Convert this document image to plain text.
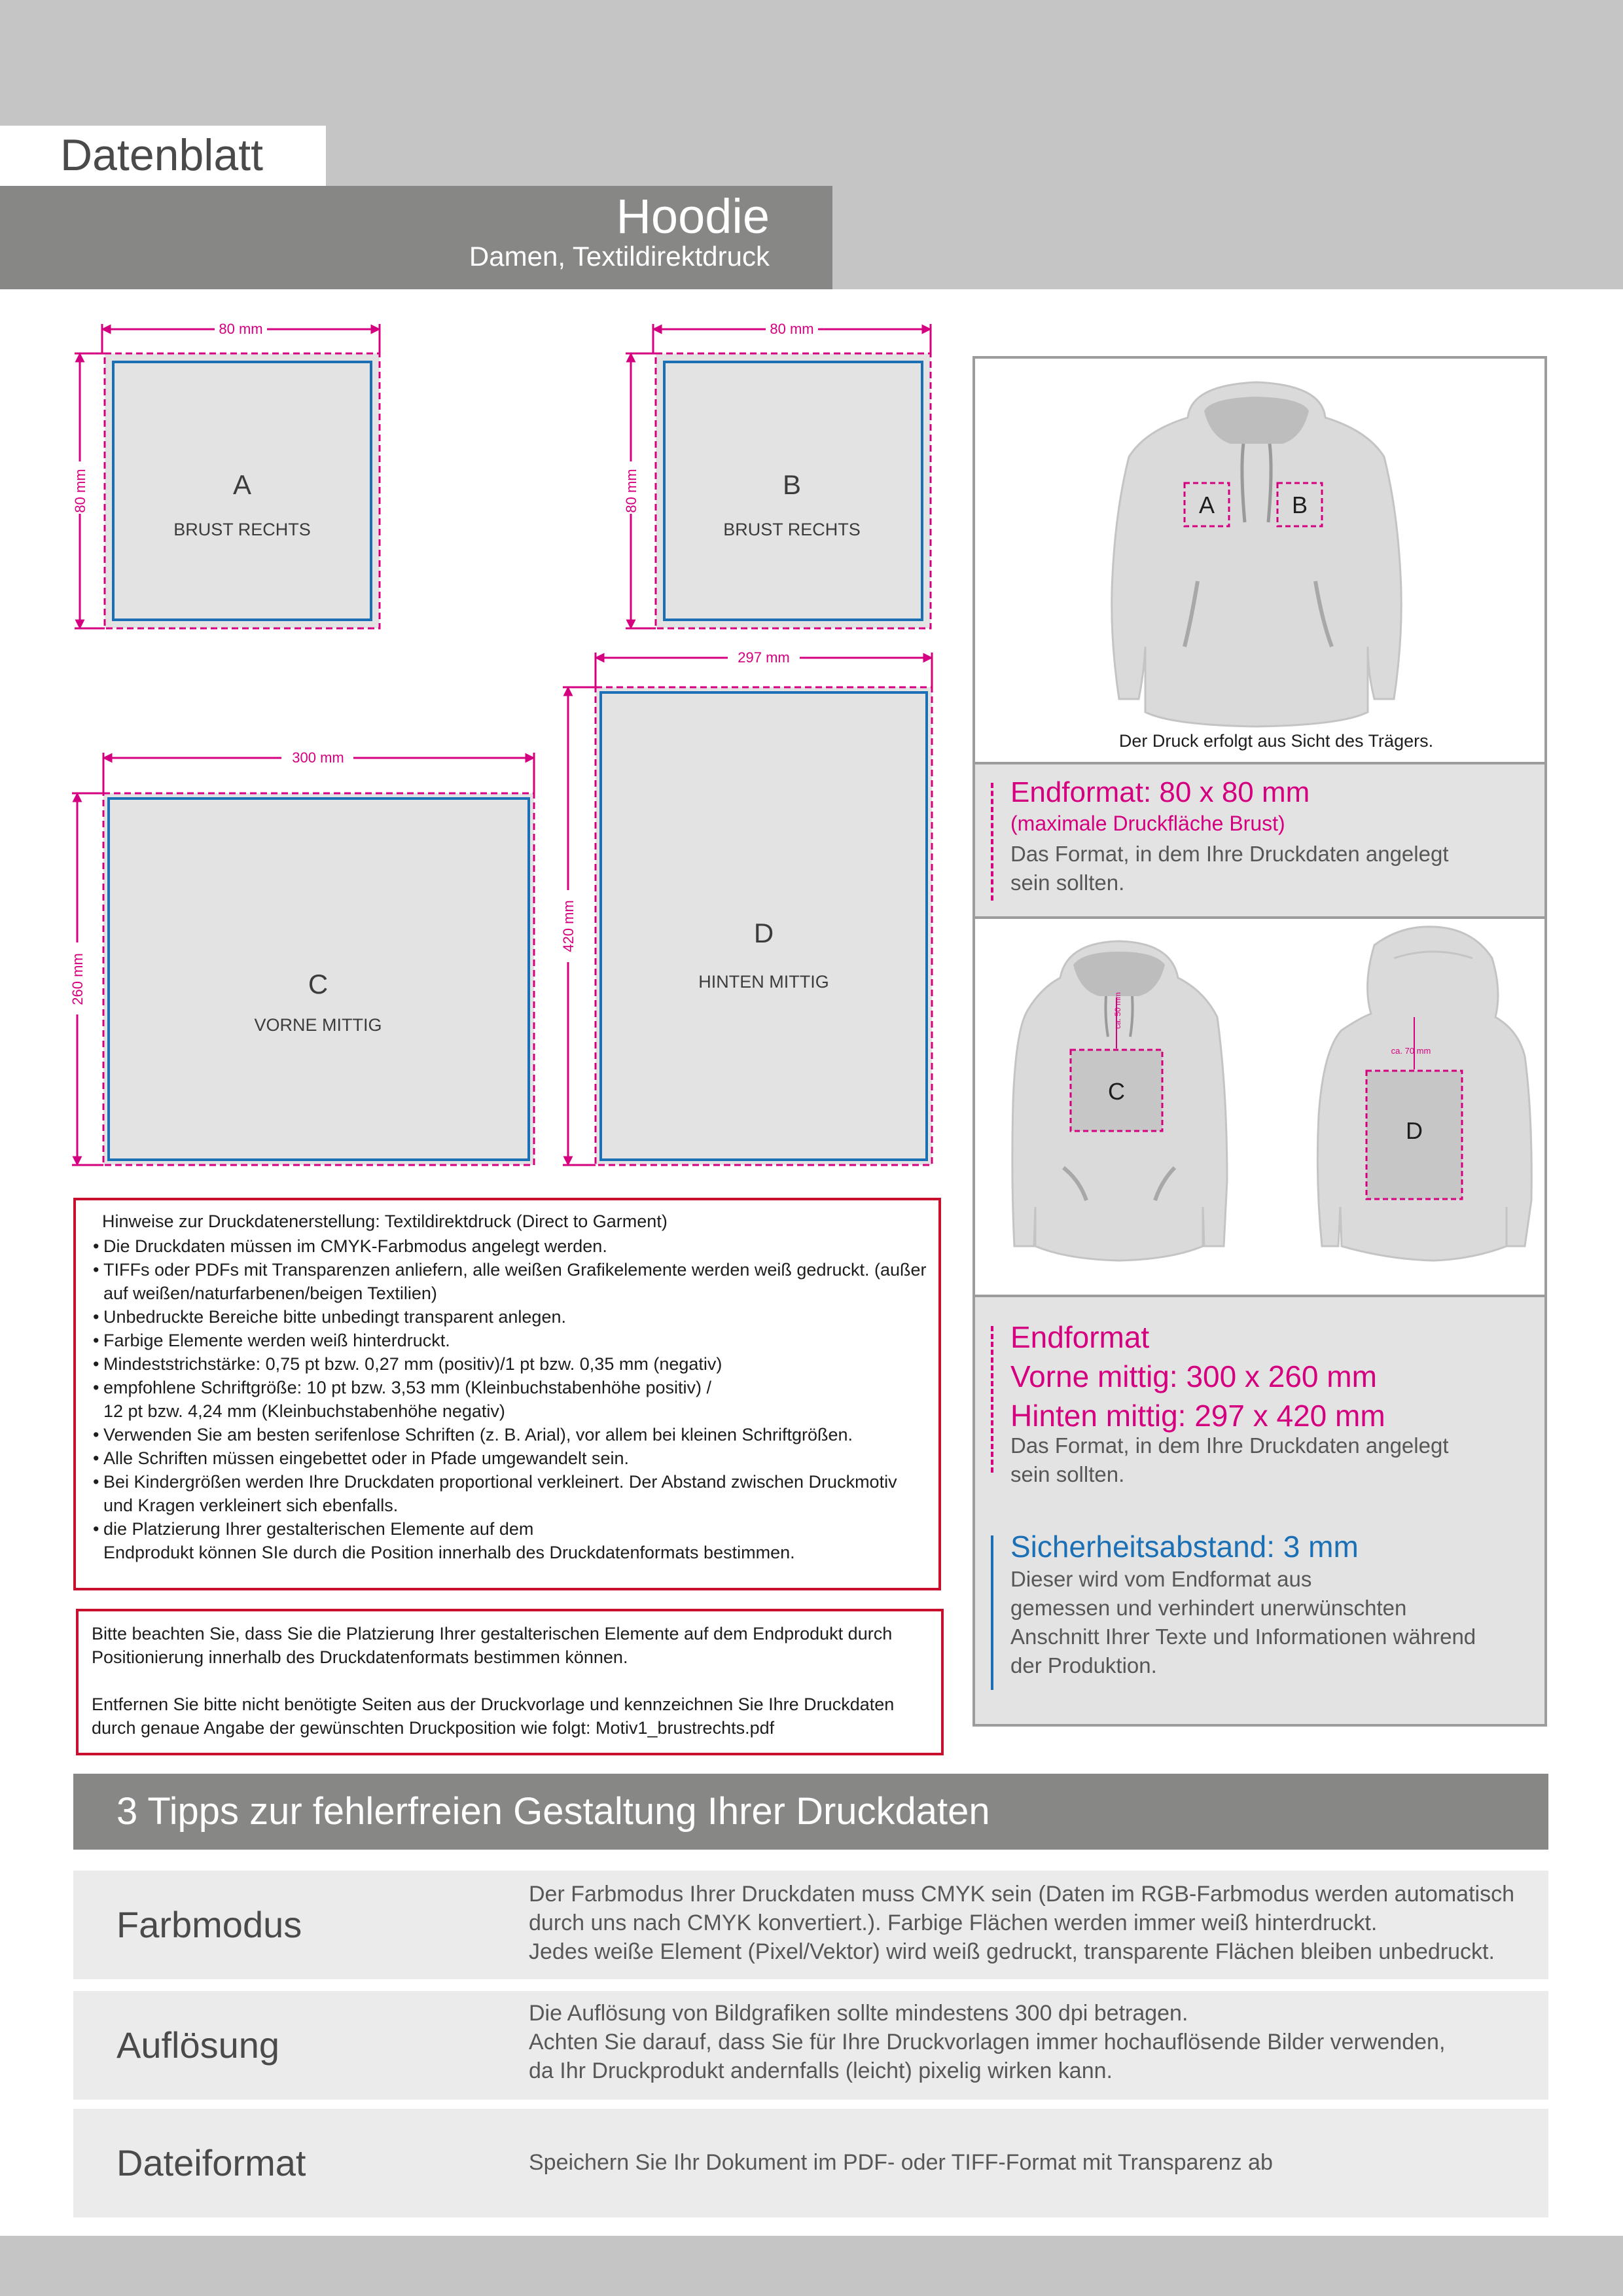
Datenblatt
Hoodie
Damen, Textildirektdruck
80 mm
80 mm	A
BRUST RECHTS
80 mm
80 mm	B
BRUST RECHTS
300 mm
260 mm	C
VORNE MITTIG
297 mm
420 mm	D
HINTEN MITTIG
A	B
Der Druck erfolgt aus Sicht des Trägers.
Endformat: 80 x 80 mm
(maximale Druckfläche Brust)
Das Format, in dem Ihre Druckdaten angelegt
sein sollten.
ca. 50 mm
C
ca. 70 mm
D
Endformat
Vorne mittig: 300 x 260 mm
Hinten mittig: 297 x 420 mm
Das Format, in dem Ihre Druckdaten angelegt
sein sollten.
Sicherheitsabstand: 3 mm
Dieser wird vom Endformat aus
gemessen und verhindert unerwünschten
Anschnitt Ihrer Texte und Informationen während
der Produktion.
Hinweise zur Druckdatenerstellung: Textildirektdruck (Direct to Garment)
• Die Druckdaten müssen im CMYK-Farbmodus angelegt werden.
• TIFFs oder PDFs mit Transparenzen anliefern, alle weißen Grafikelemente werden weiß gedruckt. (außer
auf weißen/naturfarbenen/beigen Textilien)
• Unbedruckte Bereiche bitte unbedingt transparent anlegen.
• Farbige Elemente werden weiß hinterdruckt.
• Mindeststrichstärke: 0,75 pt bzw. 0,27 mm (positiv)/1 pt bzw. 0,35 mm (negativ)
• empfohlene Schriftgröße: 10 pt bzw. 3,53 mm (Kleinbuchstabenhöhe positiv) /
12 pt bzw. 4,24 mm (Kleinbuchstabenhöhe negativ)
• Verwenden Sie am besten serifenlose Schriften (z. B. Arial), vor allem bei kleinen Schriftgrößen.
• Alle Schriften müssen eingebettet oder in Pfade umgewandelt sein.
• Bei Kindergrößen werden Ihre Druckdaten proportional verkleinert. Der Abstand zwischen Druckmotiv
und Kragen verkleinert sich ebenfalls.
• die Platzierung Ihrer gestalterischen Elemente auf dem
Endprodukt können SIe durch die Position innerhalb des Druckdatenformats bestimmen.
Bitte beachten Sie, dass Sie die Platzierung Ihrer gestalterischen Elemente auf dem Endprodukt durch
Positionierung innerhalb des Druckdatenformats bestimmen können.
Entfernen Sie bitte nicht benötigte Seiten aus der Druckvorlage und kennzeichnen Sie Ihre Druckdaten
durch genaue Angabe der gewünschten Druckposition wie folgt: Motiv1_brustrechts.pdf
3 Tipps zur fehlerfreien Gestaltung Ihrer Druckdaten
Farbmodus
Der Farbmodus Ihrer Druckdaten muss CMYK sein (Daten im RGB-Farbmodus werden automatisch
durch uns nach CMYK konvertiert.). Farbige Flächen werden immer weiß hinterdruckt.
Jedes weiße Element (Pixel/Vektor) wird weiß gedruckt, transparente Flächen bleiben unbedruckt.
Auflösung
Die Auflösung von Bildgrafiken sollte mindestens 300 dpi betragen.
Achten Sie darauf, dass Sie für Ihre Druckvorlagen immer hochauflösende Bilder verwenden,
da Ihr Druckprodukt andernfalls (leicht) pixelig wirken kann.
Dateiformat	Speichern Sie Ihr Dokument im PDF- oder TIFF-Format mit Transparenz ab
